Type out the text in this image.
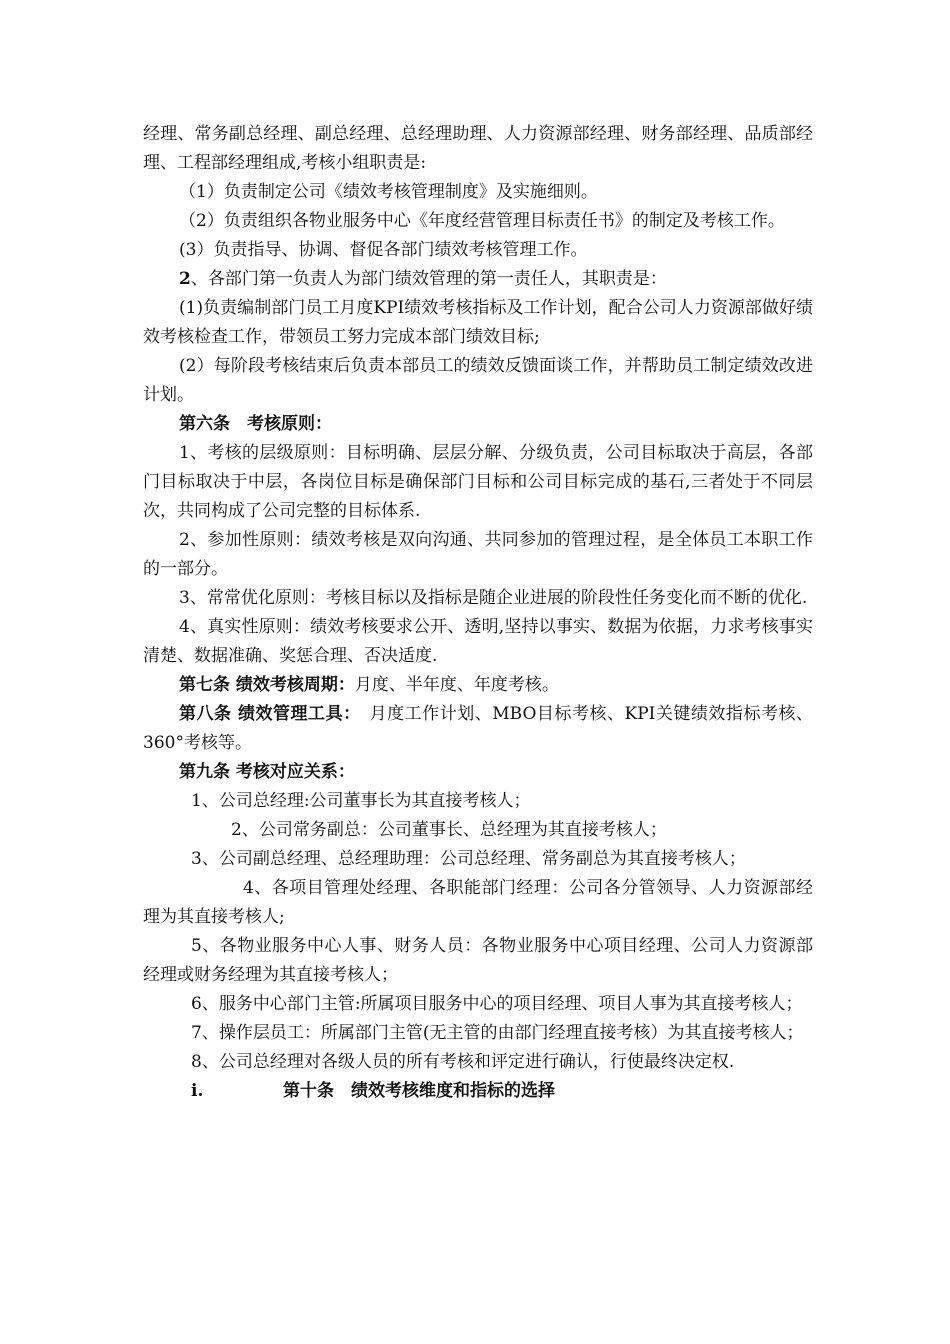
经理、常务副总经理、副总经理、总经理助理、人力资源部经理、财务部经理、品质部经理、工程部经理组成,考核小组职责是:

（1）负责制定公司《绩效考核管理制度》及实施细则。

（2）负责组织各物业服务中心《年度经营管理目标责任书》的制定及考核工作。

(3）负责指导、协调、督促各部门绩效考核管理工作。

2、各部门第一负责人为部门绩效管理的第一责任人，其职责是：

(1)负责编制部门员工月度KPI绩效考核指标及工作计划，配合公司人力资源部做好绩效考核检查工作，带领员工努力完成本部门绩效目标;

(2）每阶段考核结束后负责本部员工的绩效反馈面谈工作，并帮助员工制定绩效改进计划。

第六条　考核原则：

1、考核的层级原则：目标明确、层层分解、分级负责，公司目标取决于高层，各部门目标取决于中层，各岗位目标是确保部门目标和公司目标完成的基石,三者处于不同层次，共同构成了公司完整的目标体系.

2、参加性原则：绩效考核是双向沟通、共同参加的管理过程，是全体员工本职工作的一部分。

3、常常优化原则：考核目标以及指标是随企业进展的阶段性任务变化而不断的优化.

4、真实性原则：绩效考核要求公开、透明,坚持以事实、数据为依据，力求考核事实清楚、数据准确、奖惩合理、否决适度.

第七条 绩效考核周期：月度、半年度、年度考核。

第八条 绩效管理工具：　月度工作计划、MBO目标考核、KPI关键绩效指标考核、360°考核等。

第九条 考核对应关系：

1、公司总经理:公司董事长为其直接考核人；

2、公司常务副总：公司董事长、总经理为其直接考核人；

3、公司副总经理、总经理助理：公司总经理、常务副总为其直接考核人；

4、各项目管理处经理、各职能部门经理：公司各分管领导、人力资源部经理为其直接考核人;

5、各物业服务中心人事、财务人员：各物业服务中心项目经理、公司人力资源部经理或财务经理为其直接考核人；

6、服务中心部门主管:所属项目服务中心的项目经理、项目人事为其直接考核人；

7、操作层员工：所属部门主管(无主管的由部门经理直接考核）为其直接考核人；

8、公司总经理对各级人员的所有考核和评定进行确认，行使最终决定权.

i.	第十条　绩效考核维度和指标的选择
